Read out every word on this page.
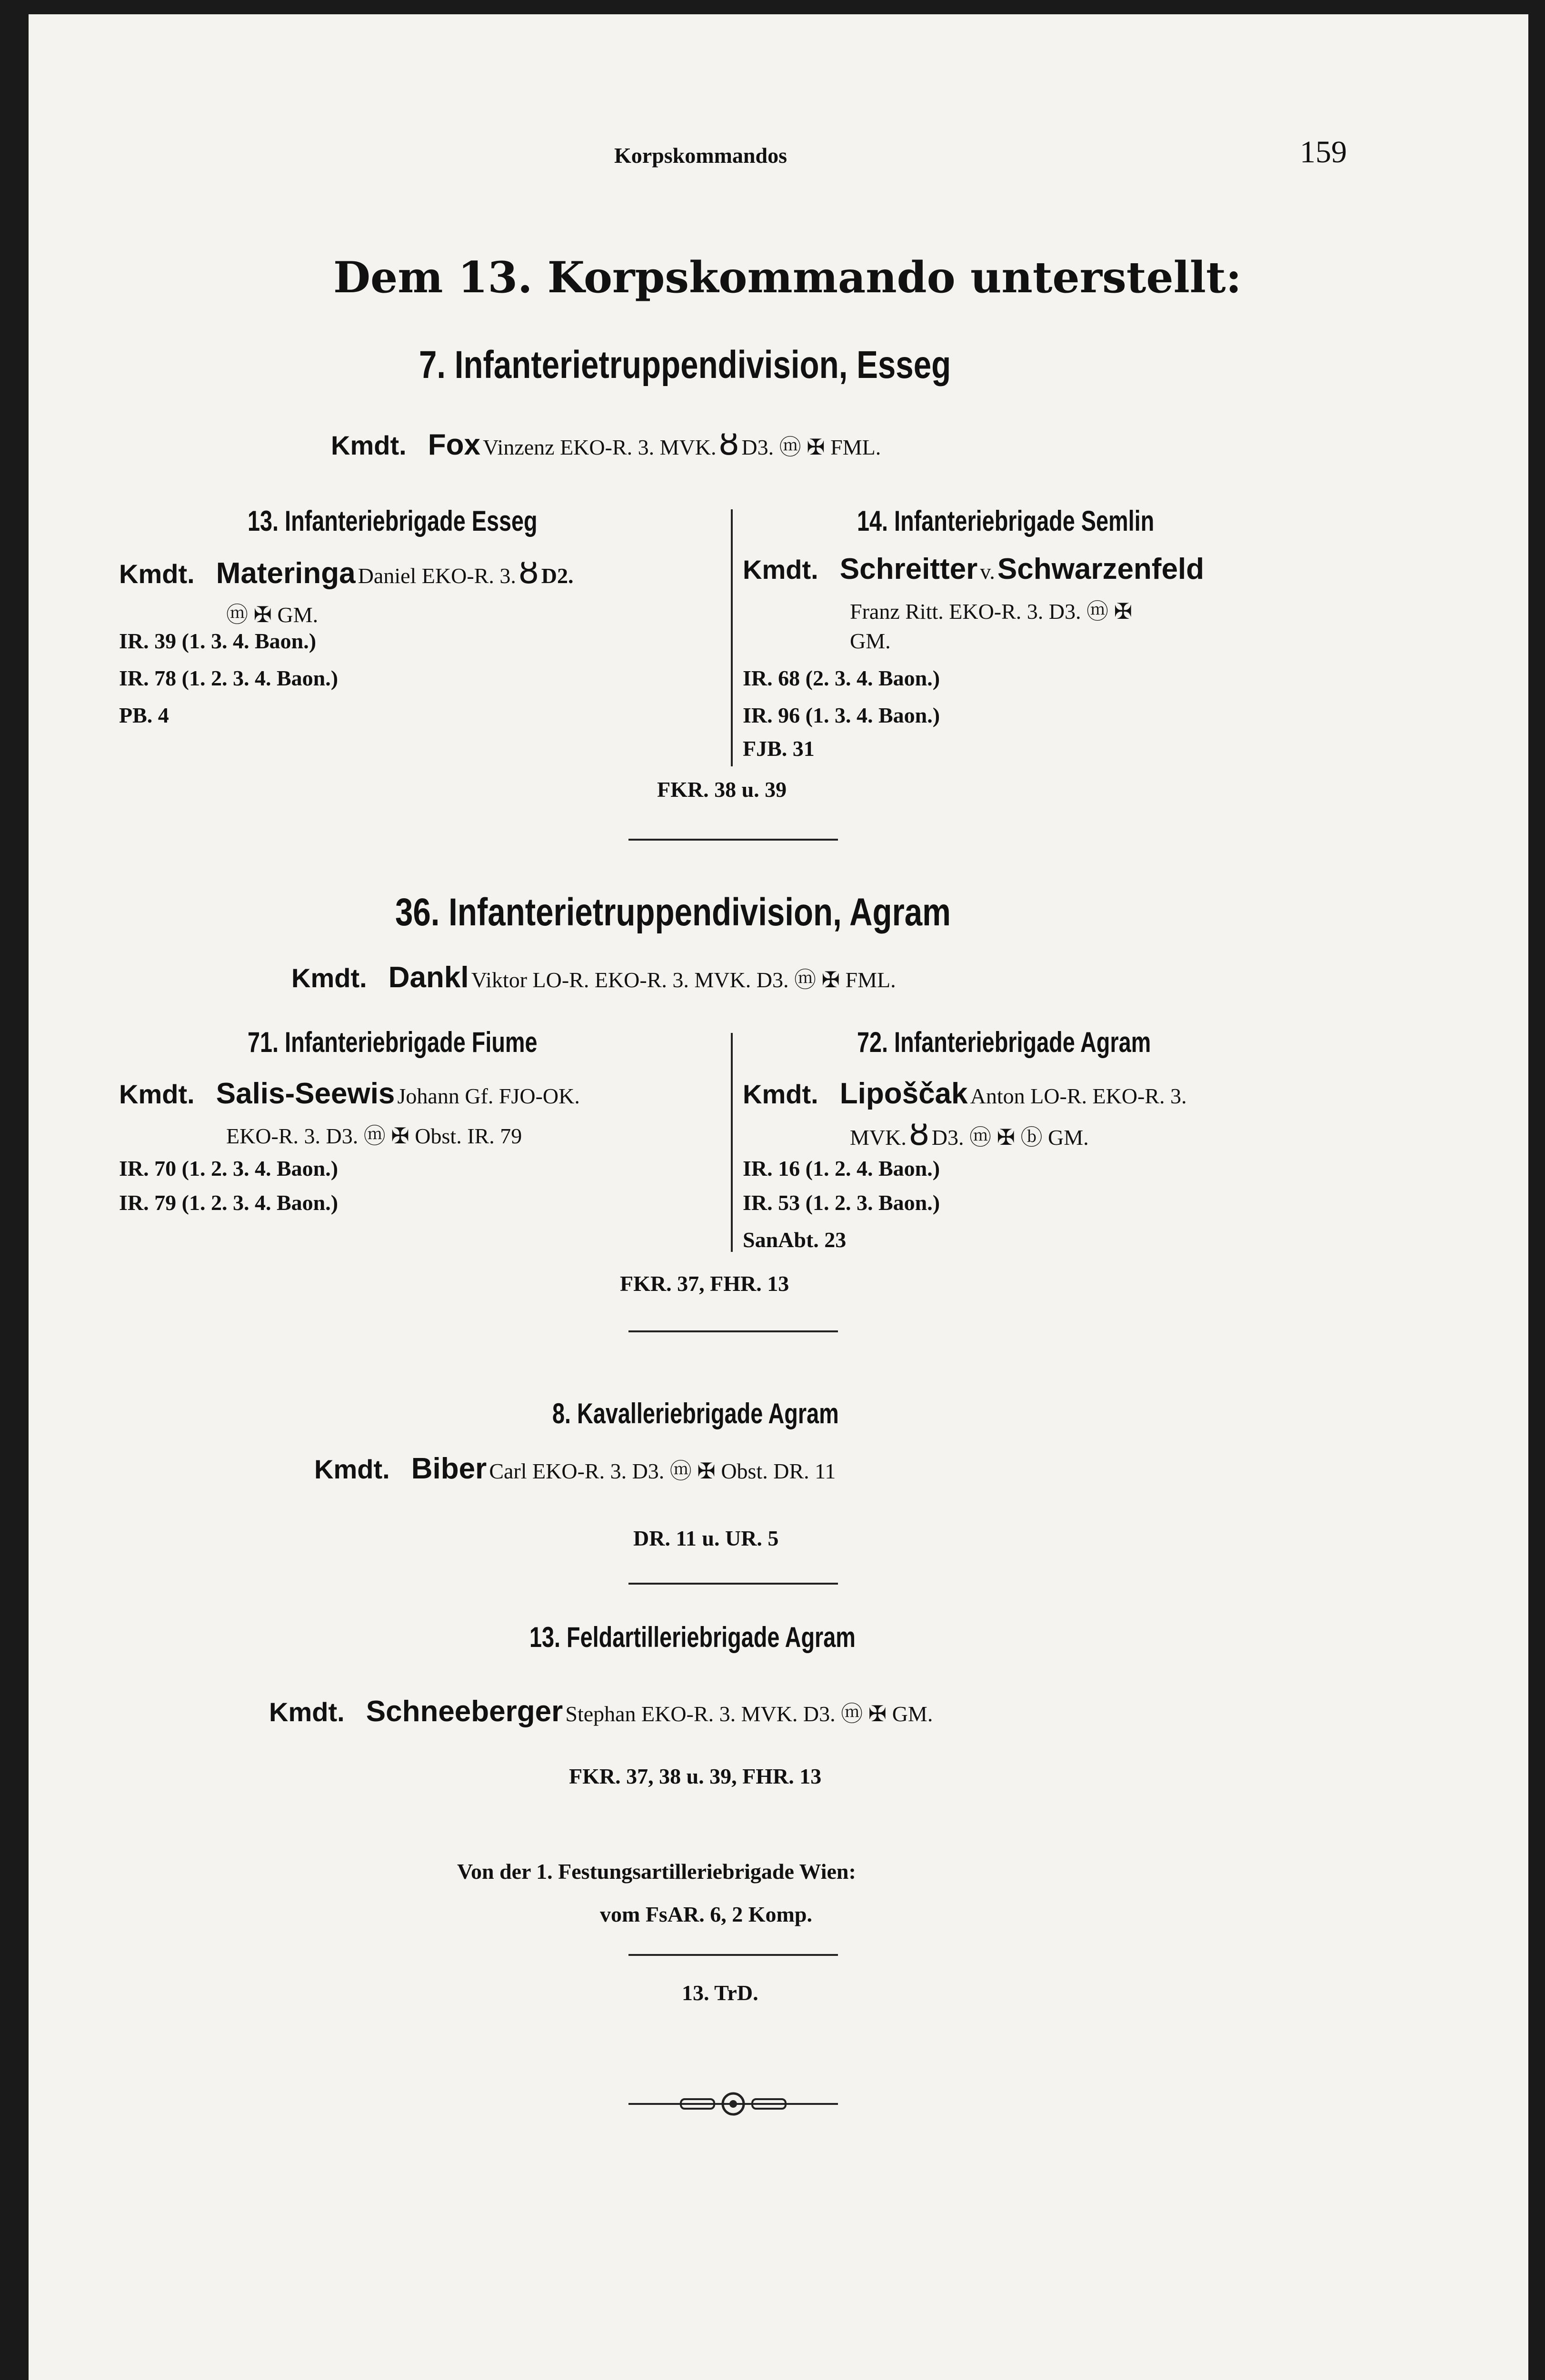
Korpskommandos	159
Dem 13. Korpskommando unterstellt:
7. Infanterietruppendivision, Esseg
Kmdt. Fox Vinzenz EKO-R. 3. MVK. ȣ D3. ⓜ ✠ FML.
13. Infanteriebrigade Esseg
Kmdt. Materinga Daniel EKO-R. 3. ȣ D2.
ⓜ ✠ GM.
IR. 39 (1. 3. 4. Baon.)
IR. 78 (1. 2. 3. 4. Baon.)
PB. 4
14. Infanteriebrigade Semlin
Kmdt. Schreitter v. Schwarzenfeld
Franz Ritt. EKO-R. 3. D3. ⓜ ✠
GM.
IR. 68 (2. 3. 4. Baon.)
IR. 96 (1. 3. 4. Baon.)
FJB. 31
FKR. 38 u. 39
36. Infanterietruppendivision, Agram
Kmdt. Dankl Viktor LO-R. EKO-R. 3. MVK. D3. ⓜ ✠ FML.
71. Infanteriebrigade Fiume
Kmdt. Salis-Seewis Johann Gf. FJO-OK.
EKO-R. 3. D3. ⓜ ✠ Obst. IR. 79
IR. 70 (1. 2. 3. 4. Baon.)
IR. 79 (1. 2. 3. 4. Baon.)
72. Infanteriebrigade Agram
Kmdt. Lipoščak Anton LO-R. EKO-R. 3.
MVK. ȣ D3. ⓜ ✠ ⓑ GM.
IR. 16 (1. 2. 4. Baon.)
IR. 53 (1. 2. 3. Baon.)
SanAbt. 23
FKR. 37, FHR. 13
8. Kavalleriebrigade Agram
Kmdt. Biber Carl EKO-R. 3. D3. ⓜ ✠ Obst. DR. 11
DR. 11 u. UR. 5
13. Feldartilleriebrigade Agram
Kmdt. Schneeberger Stephan EKO-R. 3. MVK. D3. ⓜ ✠ GM.
FKR. 37, 38 u. 39, FHR. 13
Von der 1. Festungsartilleriebrigade Wien:
vom FsAR. 6, 2 Komp.
13. TrD.
